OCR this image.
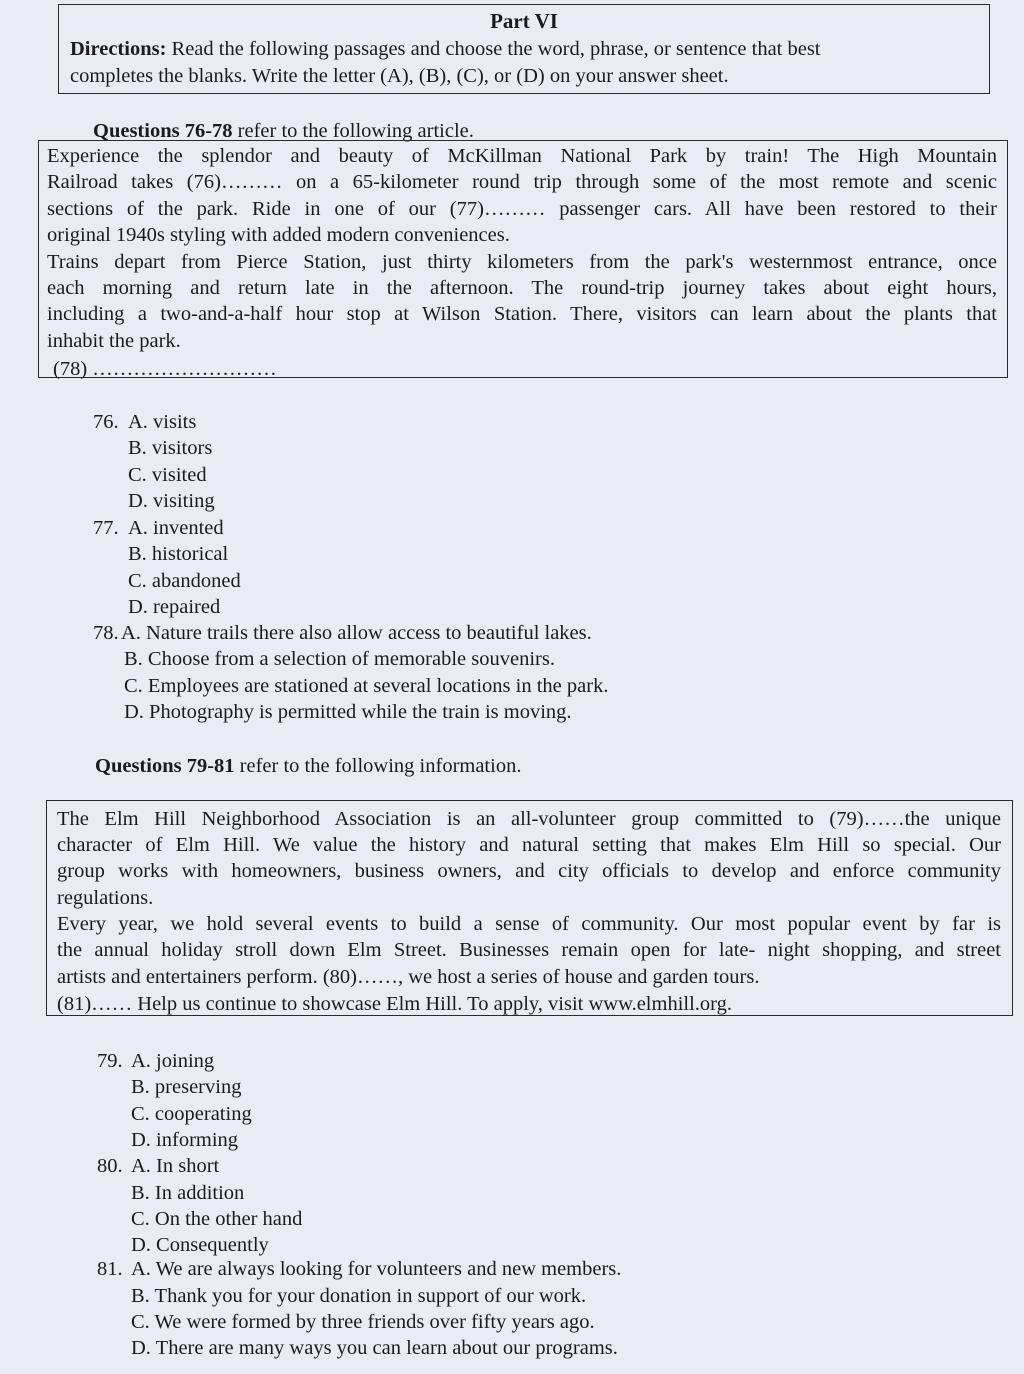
Part VI
Directions: Read the following passages and choose the word, phrase, or sentence that best
completes the blanks. Write the letter (A), (B), (C), or (D) on your answer sheet.
Questions 76-78 refer to the following article.
Experience the splendor and beauty of McKillman National Park by train! The High Mountain
Railroad takes (76)……… on a 65-kilometer round trip through some of the most remote and scenic
sections of the park. Ride in one of our (77)……… passenger cars. All have been restored to their
original 1940s styling with added modern conveniences.
Trains depart from Pierce Station, just thirty kilometers from the park's westernmost entrance, once
each morning and return late in the afternoon. The round-trip journey takes about eight hours,
including a two-and-a-half hour stop at Wilson Station. There, visitors can learn about the plants that
inhabit the park.
(78) ………………………
76. A. visits
B. visitors
C. visited
D. visiting
77. A. invented
B. historical
C. abandoned
D. repaired
78. A. Nature trails there also allow access to beautiful lakes.
B. Choose from a selection of memorable souvenirs.
C. Employees are stationed at several locations in the park.
D. Photography is permitted while the train is moving.
Questions 79-81 refer to the following information.
The Elm Hill Neighborhood Association is an all-volunteer group committed to (79)……the unique
character of Elm Hill. We value the history and natural setting that makes Elm Hill so special. Our
group works with homeowners, business owners, and city officials to develop and enforce community
regulations.
Every year, we hold several events to build a sense of community. Our most popular event by far is
the annual holiday stroll down Elm Street. Businesses remain open for late- night shopping, and street
artists and entertainers perform. (80)……, we host a series of house and garden tours.
(81)…… Help us continue to showcase Elm Hill. To apply, visit www.elmhill.org.
79. A. joining
B. preserving
C. cooperating
D. informing
80. A. In short
B. In addition
C. On the other hand
D. Consequently
81. A. We are always looking for volunteers and new members.
B. Thank you for your donation in support of our work.
C. We were formed by three friends over fifty years ago.
D. There are many ways you can learn about our programs.
